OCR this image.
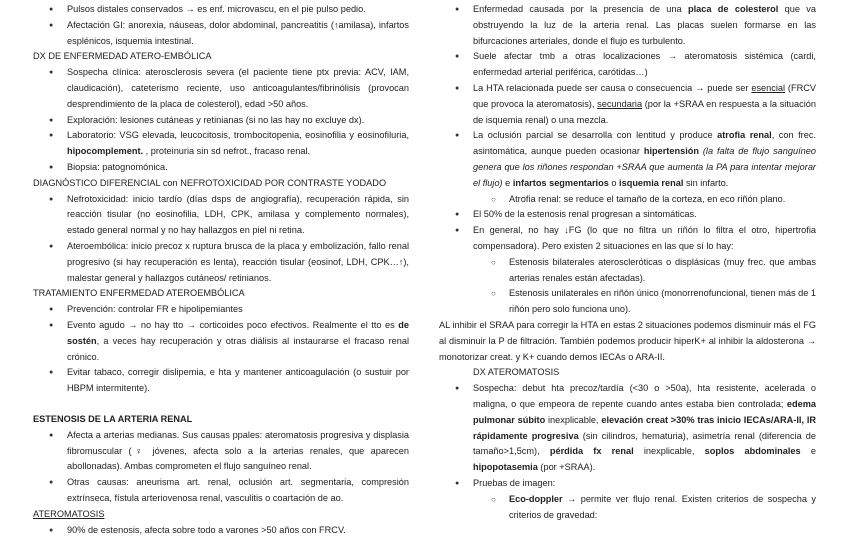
● Pulsos distales conservados → es enf. microvascu, en el pie pulso pedio.
● Afectación GI: anorexia, náuseas, dolor abdominal, pancreatitis (↑amilasa), infartos esplénicos, isquemia intestinal.
DX DE ENFERMEDAD ATERO-EMBÓLICA
● Sospecha clínica: aterosclerosis severa (el paciente tiene ptx previa: ACV, IAM, claudicación), cateterismo reciente, uso anticoagulantes/fibrinólisis (provocan desprendimiento de la placa de colesterol), edad >50 años.
● Exploración: lesiones cutáneas y retinianas (si no las hay no excluye dx).
● Laboratorio: VSG elevada, leucocitosis, trombocitopenia, eosinofilia y eosinofiluria, hipocomplement. , proteinuria sin sd nefrot., fracaso renal.
● Biopsia: patognomónica.
DIAGNÓSTICO DIFERENCIAL con NEFROTOXICIDAD POR CONTRASTE YODADO
● Nefrotoxicidad: inicio tardío (días dsps de angiografía), recuperación rápida, sin reacción tisular (no eosinofilia, LDH, CPK, amilasa y complemento normales), estado general normal y no hay hallazgos en piel ni retina.
● Ateroembólica: inicio precoz x ruptura brusca de la placa y embolización, fallo renal progresivo (si hay recuperación es lenta), reacción tisular (eosinof, LDH, CPK…↑), malestar general y hallazgos cutáneos/ retinianos.
TRATAMIENTO ENFERMEDAD ATEROEMBÓLICA
● Prevención: controlar FR e hipolipemiantes
● Evento agudo → no hay tto → corticoides poco efectivos. Realmente el tto es de sostén, a veces hay recuperación y otras diálisis al instaurarse el fracaso renal crónico.
● Evitar tabaco, corregir dislipemia, e hta y mantener anticoagulación (o sustuir por HBPM intermitente).
ESTENOSIS DE LA ARTERIA RENAL
● Afecta a arterias medianas. Sus causas ppales: ateromatosis progresiva y displasia fibromuscular (♀ jóvenes, afecta solo a la arterias renales, que aparecen abollonadas). Ambas comprometen el flujo sanguíneo renal.
● Otras causas: aneurisma art. renal, oclusión art. segmentaria, compresión extrínseca, fístula arteriovenosa renal, vasculitis o coartación de ao.
ATEROMATOSIS
● 90% de estenosis, afecta sobre todo a varones >50 años con FRCV.
● Enfermedad causada por la presencia de una placa de colesterol que va obstruyendo la luz de la arteria renal. Las placas suelen formarse en las bifurcaciones arteriales, donde el flujo es turbulento.
● Suele afectar tmb a otras localizaciones → ateromatosis sistémica (cardi, enfermedad arterial periférica, carótidas…)
● La HTA relacionada puede ser causa o consecuencia → puede ser esencial (FRCV que provoca la ateromatosis), secundaria (por la +SRAA en respuesta a la situación de isquemia renal) o una mezcla.
● La oclusión parcial se desarrolla con lentitud y produce atrofia renal, con frec. asintomática, aunque pueden ocasionar hipertensión (la falta de flujo sanguíneo genera que los riñones respondan +SRAA que aumenta la PA para intentar mejorar el flujo) e infartos segmentarios o isquemia renal sin infarto.
○ Atrofia renal: se reduce el tamaño de la corteza, en eco riñón plano.
● El 50% de la estenosis renal progresan a sintomáticas.
● En general, no hay ↓FG (lo que no filtra un riñón lo filtra el otro, hipertrofia compensadora). Pero existen 2 situaciones en las que sí lo hay:
○ Estenosis bilaterales ateroscleróticas o displásicas (muy frec. que ambas arterias renales están afectadas).
○ Estenosis unilaterales en riñón único (monorrenofuncional, tienen más de 1 riñón pero solo funciona uno).
AL inhibir el SRAA para corregir la HTA en estas 2 situaciones podemos disminuir más el FG al disminuir la P de filtración. También podemos producir hiperK+ al inhibir la aldosterona → monotorizar creat. y K+ cuando demos IECAs o ARA-II.
DX ATEROMATOSIS
● Sospecha: debut hta precoz/tardía (<30 o >50a), hta resistente, acelerada o maligna, o que empeora de repente cuando antes estaba bien controlada; edema pulmonar súbito inexplicable, elevación creat >30% tras inicio IECAs/ARA-II, IR rápidamente progresiva (sin cilindros, hematuria), asimetría renal (diferencia de tamaño>1,5cm), pérdida fx renal inexplicable, soplos abdominales e hipopotasemia (por +SRAA).
● Pruebas de imagen:
○ Eco-doppler → permite ver flujo renal. Existen criterios de sospecha y criterios de gravedad:
